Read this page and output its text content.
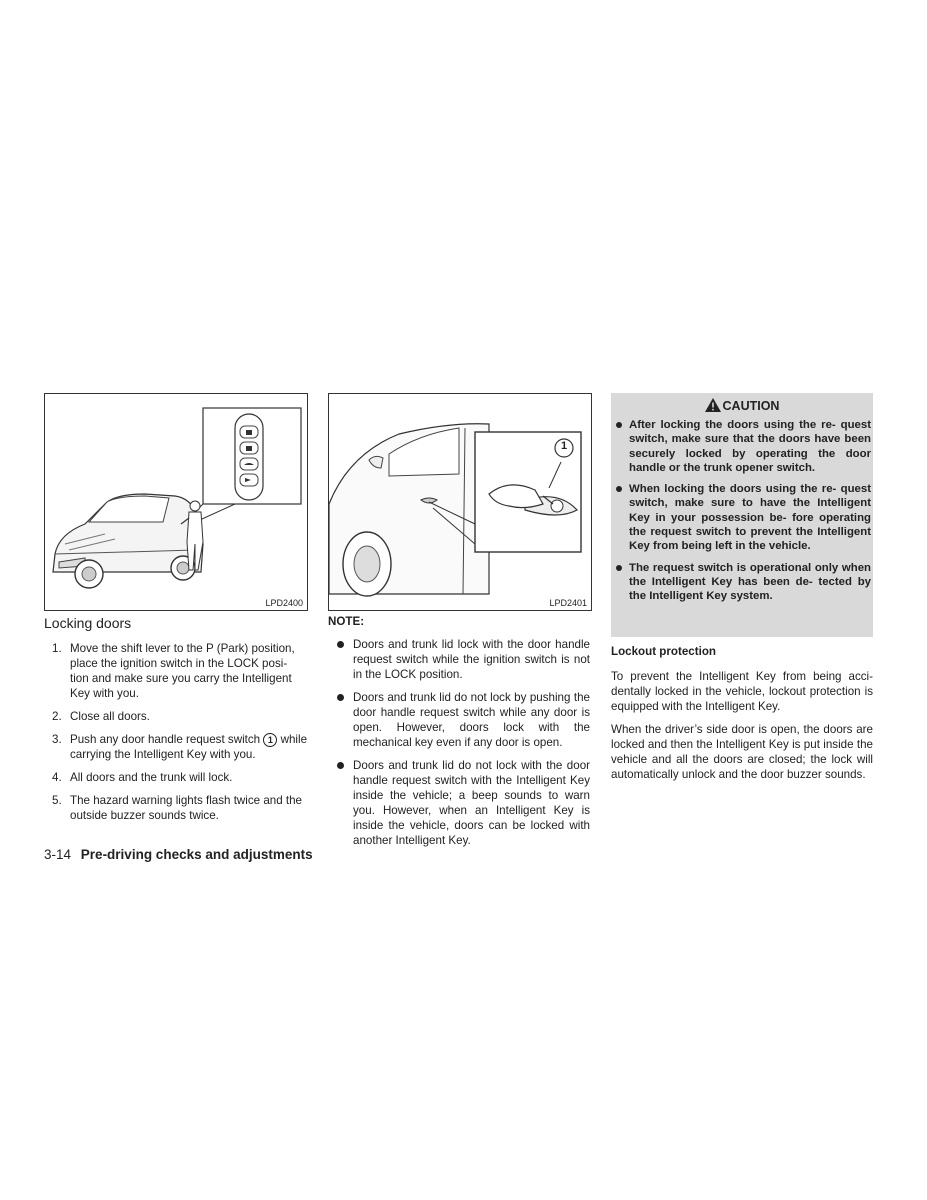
LPD2400
1
LPD2401
Locking doors
1. Move the shift lever to the P (Park) position, place the ignition switch in the LOCK posi- tion and make sure you carry the Intelligent Key with you.
2. Close all doors.
3. Push any door handle request switch 1 while carrying the Intelligent Key with you.
4. All doors and the trunk will lock.
5. The hazard warning lights flash twice and the outside buzzer sounds twice.
NOTE:
Doors and trunk lid lock with the door handle request switch while the ignition switch is not in the LOCK position.
Doors and trunk lid do not lock by pushing the door handle request switch while any door is open. However, doors lock with the mechanical key even if any door is open.
Doors and trunk lid do not lock with the door handle request switch with the Intelligent Key inside the vehicle; a beep sounds to warn you. However, when an Intelligent Key is inside the vehicle, doors can be locked with another Intelligent Key.
CAUTION
After locking the doors using the re- quest switch, make sure that the doors have been securely locked by operating the door handle or the trunk opener switch.
When locking the doors using the re- quest switch, make sure to have the Intelligent Key in your possession be- fore operating the request switch to prevent the Intelligent Key from being left in the vehicle.
The request switch is operational only when the Intelligent Key has been de- tected by the Intelligent Key system.
Lockout protection

To prevent the Intelligent Key from being acci- dentally locked in the vehicle, lockout protection is equipped with the Intelligent Key.

When the driver’s side door is open, the doors are locked and then the Intelligent Key is put inside the vehicle and all the doors are closed; the lock will automatically unlock and the door buzzer sounds.

3-14 Pre-driving checks and adjustments
